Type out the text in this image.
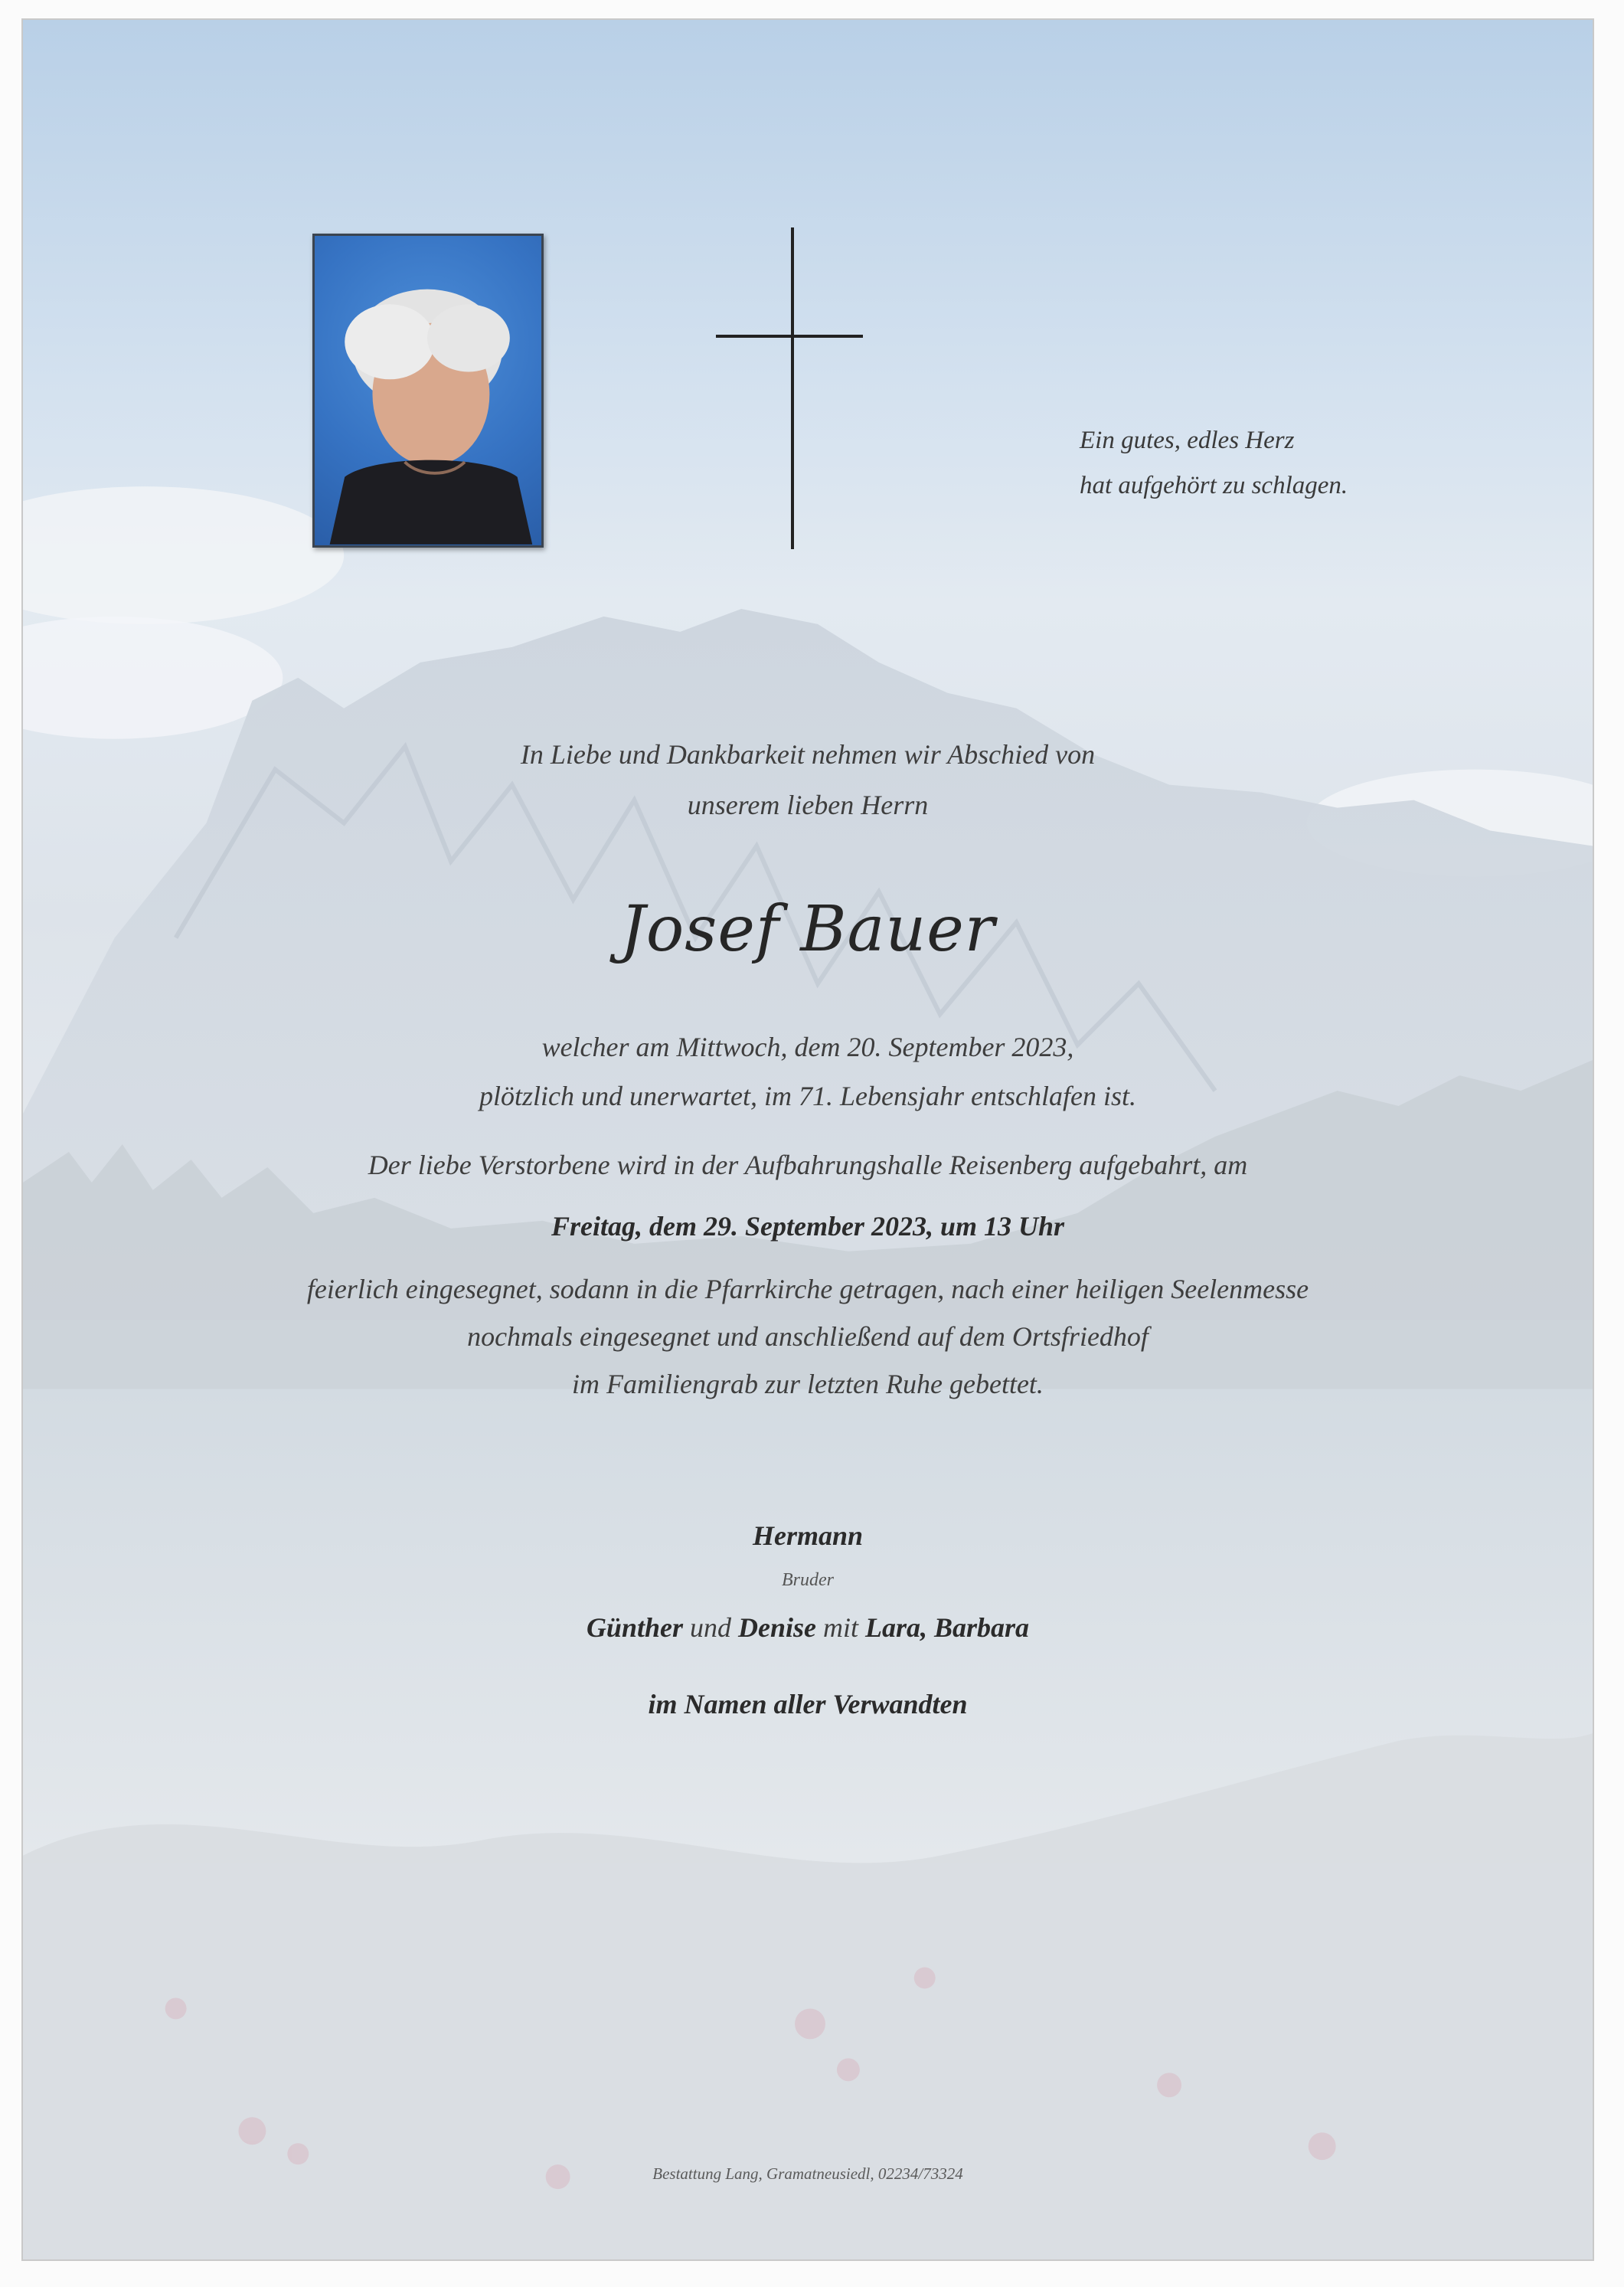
Ein gutes, edles Herz
hat aufgehört zu schlagen.
In Liebe und Dankbarkeit nehmen wir Abschied von
unserem lieben Herrn
Josef Bauer
welcher am Mittwoch, dem 20. September 2023,
plötzlich und unerwartet, im 71. Lebensjahr entschlafen ist.
Der liebe Verstorbene wird in der Aufbahrungshalle Reisenberg aufgebahrt, am
Freitag, dem 29. September 2023, um 13 Uhr
feierlich eingesegnet, sodann in die Pfarrkirche getragen, nach einer heiligen Seelenmesse
nochmals eingesegnet und anschließend auf dem Ortsfriedhof
im Familiengrab zur letzten Ruhe gebettet.
Hermann
Bruder
Günther und Denise mit Lara, Barbara
im Namen aller Verwandten
Bestattung Lang, Gramatneusiedl, 02234/73324
